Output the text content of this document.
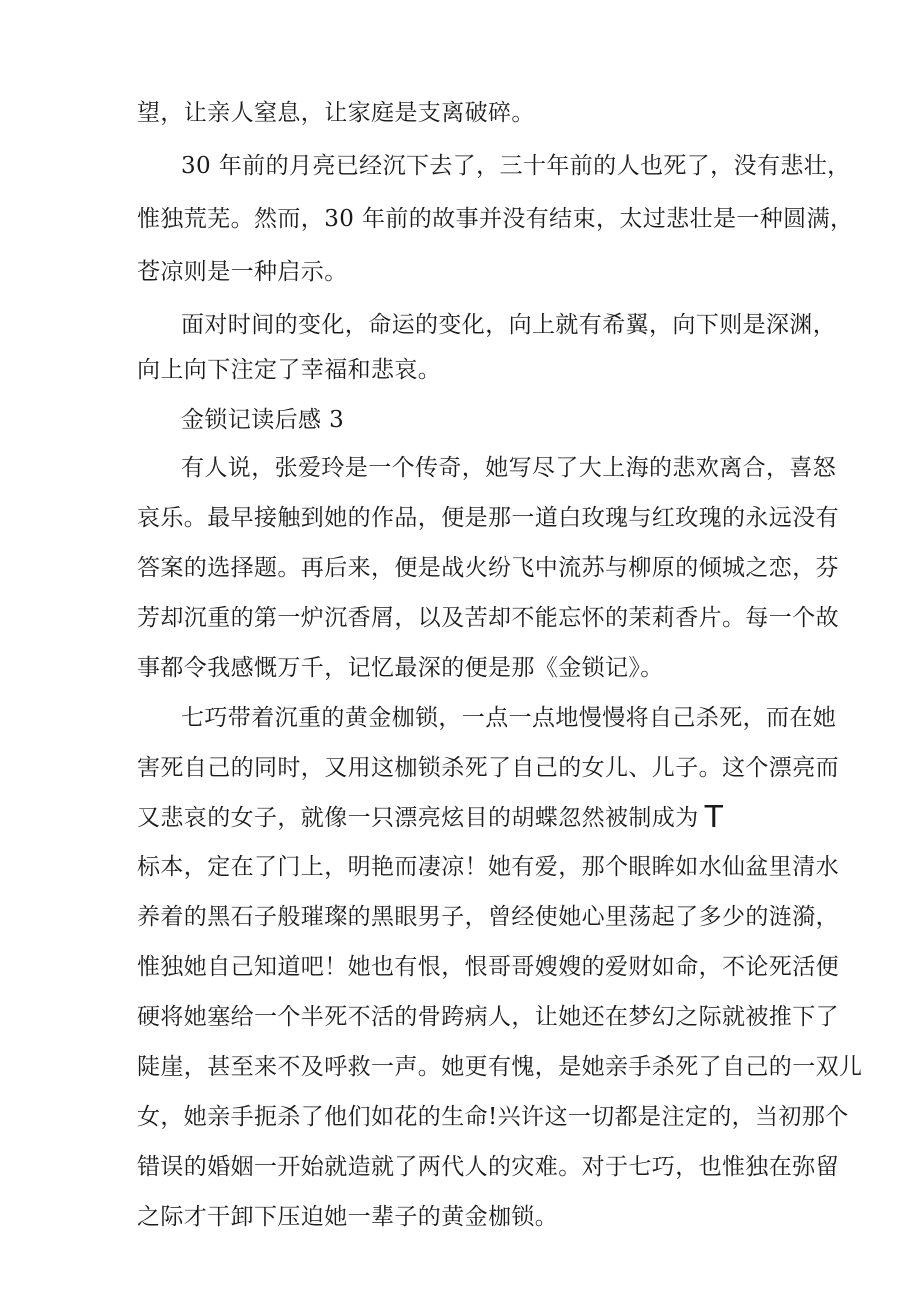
望，让亲人窒息，让家庭是支离破碎。
30 年前的月亮已经沉下去了，三十年前的人也死了，没有悲壮，
惟独荒芜。然而，30 年前的故事并没有结束，太过悲壮是一种圆满，
苍凉则是一种启示。
面对时间的变化，命运的变化，向上就有希翼，向下则是深渊，
向上向下注定了幸福和悲哀。
金锁记读后感 3
有人说，张爱玲是一个传奇，她写尽了大上海的悲欢离合，喜怒
哀乐。最早接触到她的作品，便是那一道白玫瑰与红玫瑰的永远没有
答案的选择题。再后来，便是战火纷飞中流苏与柳原的倾城之恋，芬
芳却沉重的第一炉沉香屑，以及苦却不能忘怀的茉莉香片。每一个故
事都令我感慨万千，记忆最深的便是那《金锁记》。
七巧带着沉重的黄金枷锁，一点一点地慢慢将自己杀死，而在她
害死自己的同时，又用这枷锁杀死了自己的女儿、儿子。这个漂亮而
又悲哀的女子，就像一只漂亮炫目的胡蝶忽然被制成为 T
标本，定在了门上，明艳而凄凉！她有爱，那个眼眸如水仙盆里清水
养着的黑石子般璀璨的黑眼男子，曾经使她心里荡起了多少的涟漪，
惟独她自己知道吧！她也有恨，恨哥哥嫂嫂的爱财如命，不论死活便
硬将她塞给一个半死不活的骨跨病人，让她还在梦幻之际就被推下了
陡崖，甚至来不及呼救一声。她更有愧，是她亲手杀死了自己的一双儿
女，她亲手扼杀了他们如花的生命!兴许这一切都是注定的，当初那个
错误的婚姻一开始就造就了两代人的灾难。对于七巧，也惟独在弥留
之际才干卸下压迫她一辈子的黄金枷锁。
